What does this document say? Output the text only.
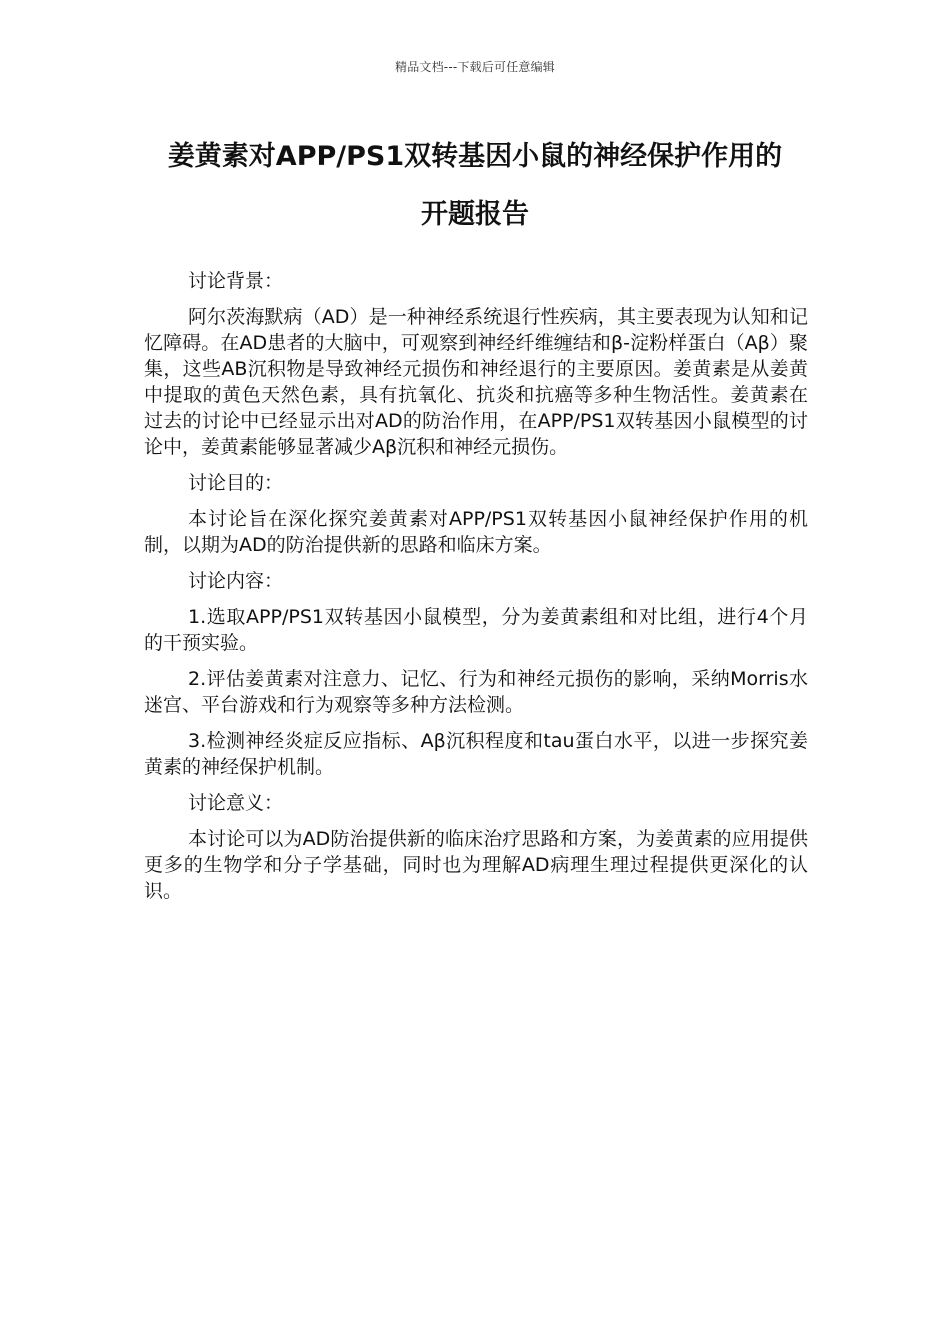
精品文档---下载后可任意编辑
姜黄素对APP/PS1双转基因小鼠的神经保护作用的
开题报告

讨论背景：

阿尔茨海默病（AD）是一种神经系统退行性疾病，其主要表现为认知和记忆障碍。在AD患者的大脑中，可观察到神经纤维缠结和β-淀粉样蛋白（Aβ）聚集，这些AB沉积物是导致神经元损伤和神经退行的主要原因。姜黄素是从姜黄中提取的黄色天然色素，具有抗氧化、抗炎和抗癌等多种生物活性。姜黄素在过去的讨论中已经显示出对AD的防治作用，在APP/PS1双转基因小鼠模型的讨论中，姜黄素能够显著减少Aβ沉积和神经元损伤。

讨论目的：

本讨论旨在深化探究姜黄素对APP/PS1双转基因小鼠神经保护作用的机制，以期为AD的防治提供新的思路和临床方案。

讨论内容：

1.选取APP/PS1双转基因小鼠模型，分为姜黄素组和对比组，进行4个月的干预实验。

2.评估姜黄素对注意力、记忆、行为和神经元损伤的影响，采纳Morris水迷宫、平台游戏和行为观察等多种方法检测。

3.检测神经炎症反应指标、Aβ沉积程度和tau蛋白水平，以进一步探究姜黄素的神经保护机制。

讨论意义：

本讨论可以为AD防治提供新的临床治疗思路和方案，为姜黄素的应用提供更多的生物学和分子学基础，同时也为理解AD病理生理过程提供更深化的认识。
